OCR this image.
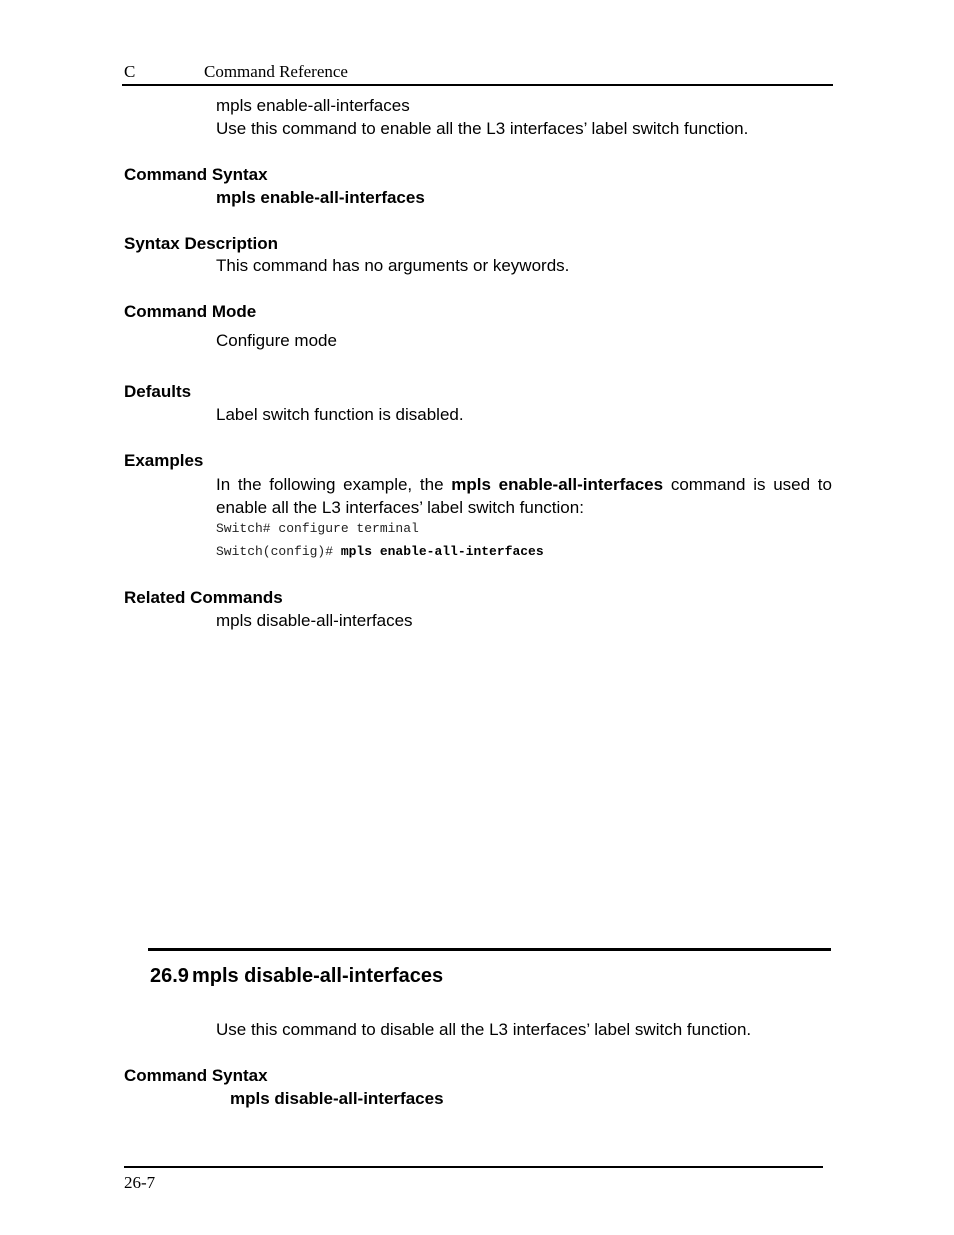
C	Command Reference
mpls enable-all-interfaces
Use this command to enable all the L3 interfaces’ label switch function.
Command Syntax
mpls enable-all-interfaces
Syntax Description
This command has no arguments or keywords.
Command Mode
Configure mode
Defaults
Label switch function is disabled.
Examples
In the following example, the mpls enable-all-interfaces command is used to enable all the L3 interfaces’ label switch function:
Switch# configure terminal
Switch(config)# mpls enable-all-interfaces
Related Commands
mpls disable-all-interfaces
26.9 mpls disable-all-interfaces
Use this command to disable all the L3 interfaces’ label switch function.
Command Syntax
mpls disable-all-interfaces
26-7
